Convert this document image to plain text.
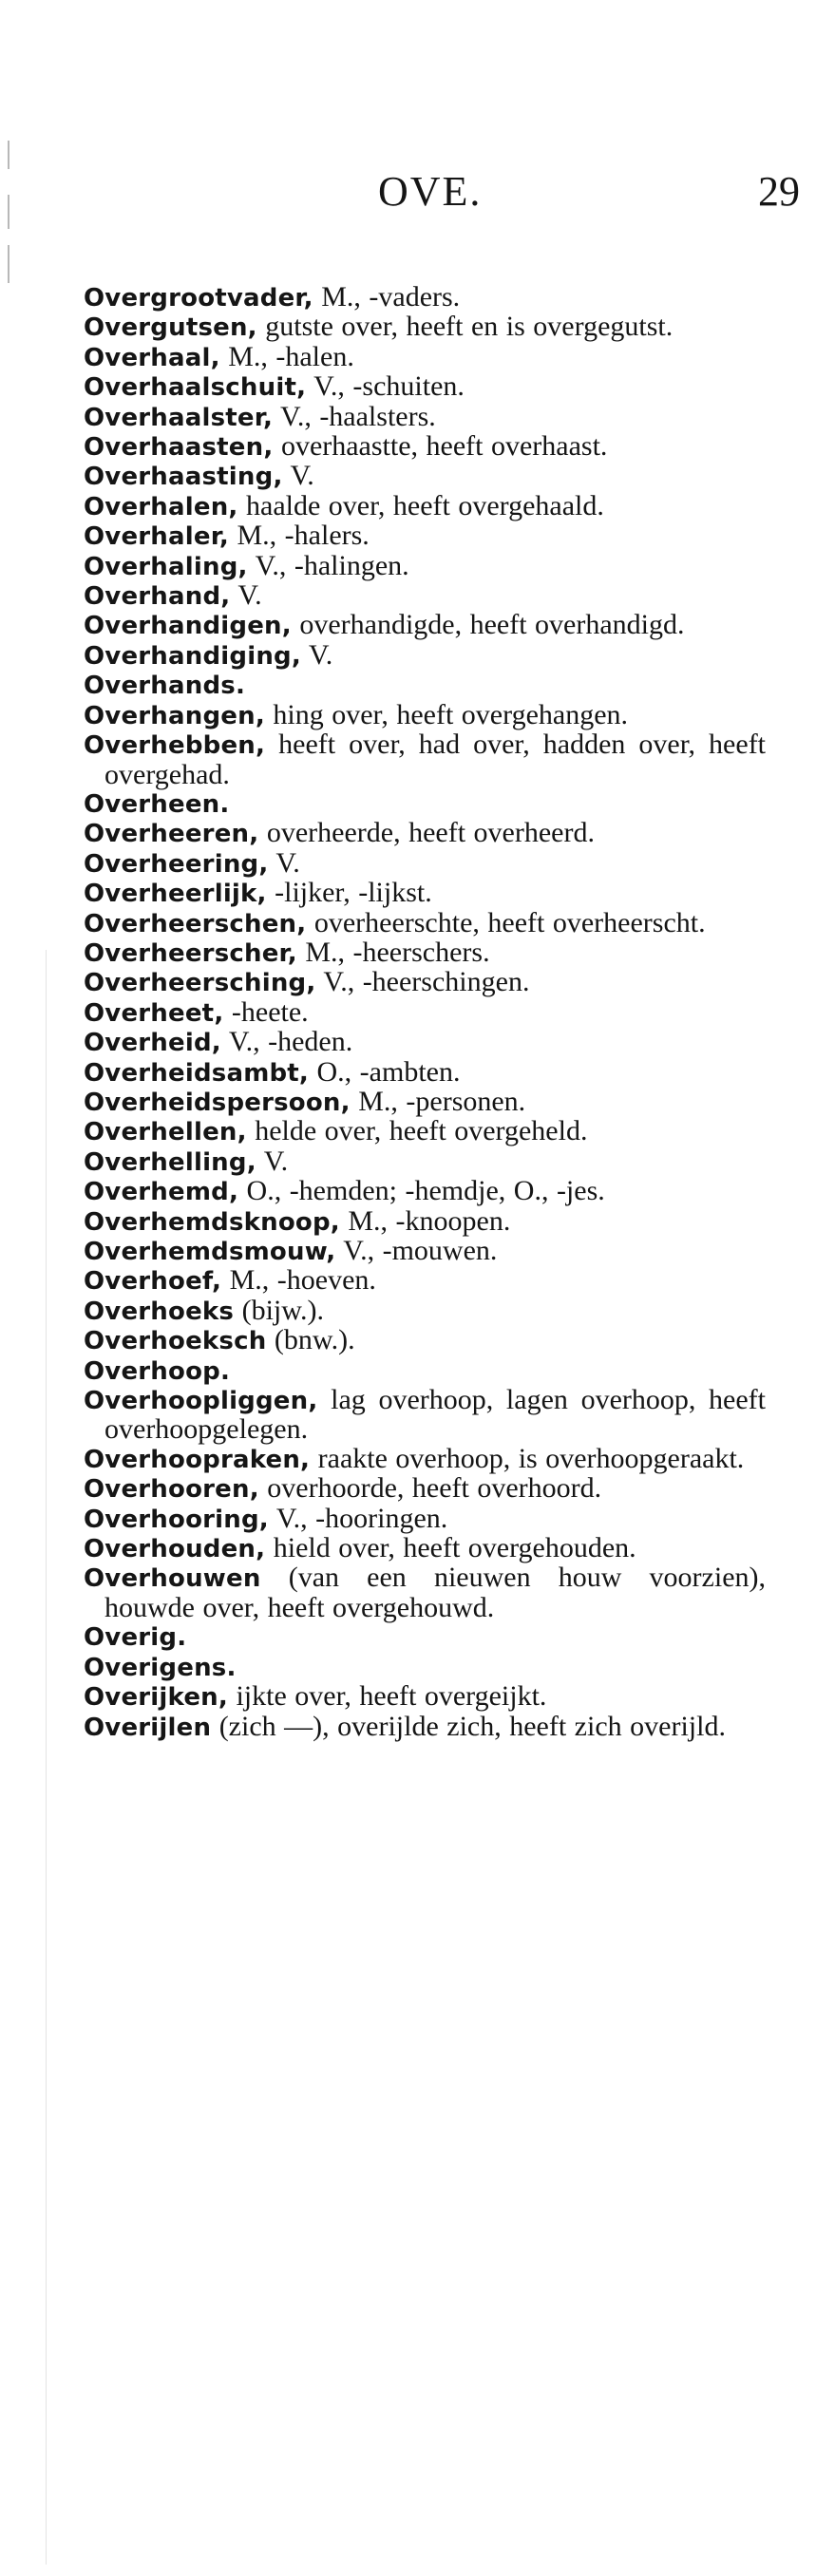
OVE.	29
Overgrootvader, M., -vaders.
Overgutsen, gutste over, heeft en is overgegutst.
Overhaal, M., -halen.
Overhaalschuit, V., -schuiten.
Overhaalster, V., -haalsters.
Overhaasten, overhaastte, heeft overhaast.
Overhaasting, V.
Overhalen, haalde over, heeft overgehaald.
Overhaler, M., -halers.
Overhaling, V., -halingen.
Overhand, V.
Overhandigen, overhandigde, heeft overhandigd.
Overhandiging, V.
Overhands.
Overhangen, hing over, heeft overgehangen.
Overhebben, heeft over, had over, hadden over, heeft overgehad.
Overheen.
Overheeren, overheerde, heeft overheerd.
Overheering, V.
Overheerlijk, -lijker, -lijkst.
Overheerschen, overheerschte, heeft overheerscht.
Overheerscher, M., -heerschers.
Overheersching, V., -heerschingen.
Overheet, -heete.
Overheid, V., -heden.
Overheidsambt, O., -ambten.
Overheidspersoon, M., -personen.
Overhellen, helde over, heeft overgeheld.
Overhelling, V.
Overhemd, O., -hemden; -hemdje, O., -jes.
Overhemdsknoop, M., -knoopen.
Overhemdsmouw, V., -mouwen.
Overhoef, M., -hoeven.
Overhoeks (bijw.).
Overhoeksch (bnw.).
Overhoop.
Overhoopliggen, lag overhoop, lagen overhoop, heeft overhoopgelegen.
Overhoopraken, raakte overhoop, is overhoopgeraakt.
Overhooren, overhoorde, heeft overhoord.
Overhooring, V., -hooringen.
Overhouden, hield over, heeft overgehouden.
Overhouwen (van een nieuwen houw voorzien), houwde over, heeft overgehouwd.
Overig.
Overigens.
Overijken, ijkte over, heeft overgeijkt.
Overijlen (zich —), overijlde zich, heeft zich overijld.
